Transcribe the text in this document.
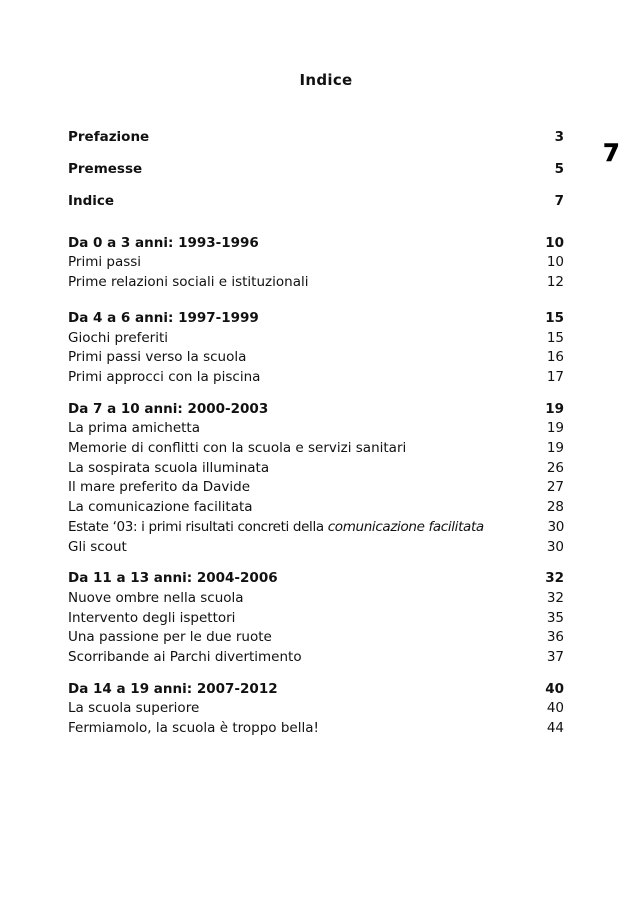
Indice
7
Prefazione	3
Premesse	5
Indice	7
Da 0 a 3 anni: 1993-1996	10
Primi passi	10
Prime relazioni sociali e istituzionali	12
Da 4 a 6 anni: 1997-1999	15
Giochi preferiti	15
Primi passi verso la scuola	16
Primi approcci con la piscina	17
Da 7 a 10 anni: 2000-2003	19
La prima amichetta	19
Memorie di conflitti con la scuola e servizi sanitari	19
La sospirata scuola illuminata	26
Il mare preferito da Davide	27
La comunicazione facilitata	28
Estate ‘03: i primi risultati concreti della comunicazione facilitata	30
Gli scout	30
Da 11 a 13 anni: 2004-2006	32
Nuove ombre nella scuola	32
Intervento degli ispettori	35
Una passione per le due ruote	36
Scorribande ai Parchi divertimento	37
Da 14 a 19 anni: 2007-2012	40
La scuola superiore	40
Fermiamolo, la scuola è troppo bella!	44
